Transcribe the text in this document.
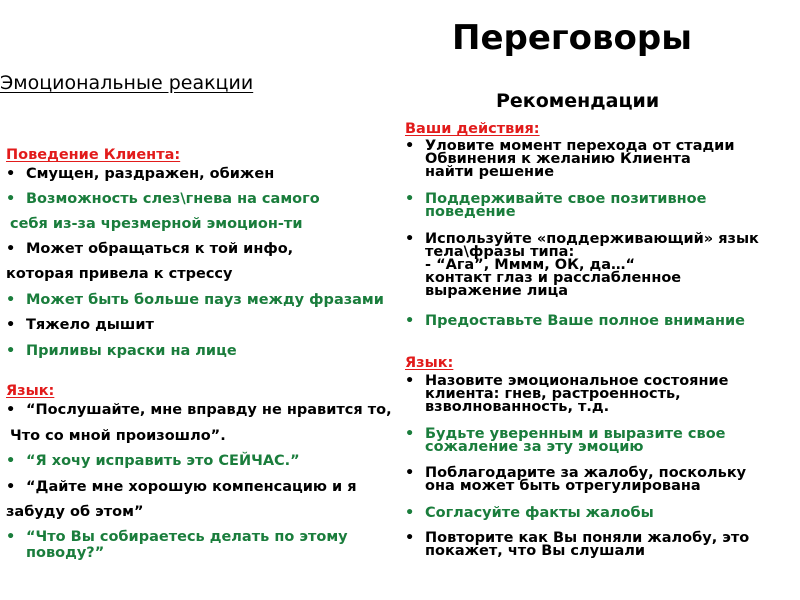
Переговоры
Эмоциональные реакции
Рекомендации
Поведение Клиента:
• Смущен, раздражен, обижен
• Возможность слез\гнева на самого
себя из-за чрезмерной эмоцион-ти
• Может обращаться к той инфо,
которая привела к стрессу
• Может быть больше пауз между фразами
• Тяжело дышит
• Приливы краски на лице
Язык:
• “Послушайте, мне вправду не нравится то,
Что со мной произошло”.
• “Я хочу исправить это СЕЙЧАС.”
• “Дайте мне хорошую компенсацию и я
забуду об этом”
• “Что Вы собираетесь делать по этому
поводу?”
Ваши действия:
• Уловите момент перехода от стадии
Обвинения к желанию Клиента
найти решение
• Поддерживайте свое позитивное
поведение
• Используйте «поддерживающий» язык
тела\фразы типа:
- “Ага”, Мммм, ОК, да…“
контакт глаз и расслабленное
выражение лица
• Предоставьте Ваше полное внимание
Язык:
• Назовите эмоциональное состояние
клиента: гнев, растроенность,
взволнованность, т.д.
• Будьте уверенным и выразите свое
сожаление за эту эмоцию
• Поблагодарите за жалобу, поскольку
она может быть отрегулирована
• Согласуйте факты жалобы
• Повторите как Вы поняли жалобу, это
покажет, что Вы слушали
